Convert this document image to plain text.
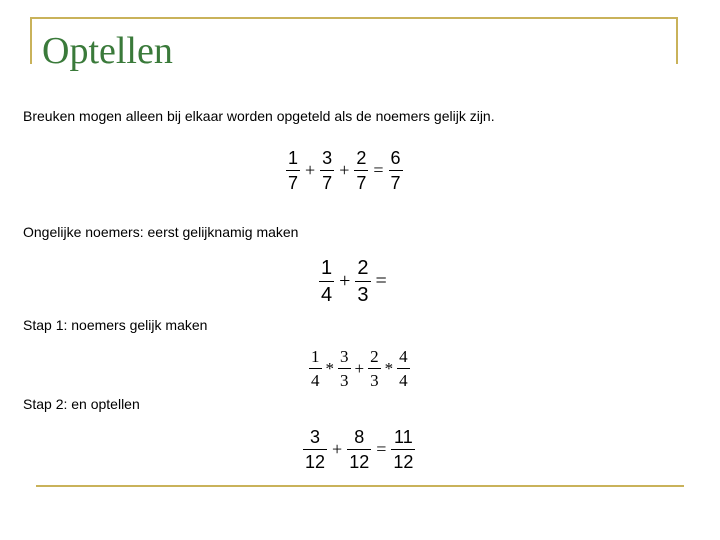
Optellen
Breuken mogen alleen bij elkaar worden opgeteld als de noemers gelijk zijn.
$\frac{1}{7} + \frac{3}{7} + \frac{2}{7} = \frac{6}{7}$
Ongelijke noemers: eerst gelijknamig maken
$\frac{1}{4} + \frac{2}{3}$ =
Stap 1: noemers gelijk maken
$\frac{1}{4} * \frac{3}{3} + \frac{2}{3} * \frac{4}{4}$
Stap 2: en optellen
$\frac{3}{12} + \frac{8}{12} = \frac{11}{12}$
